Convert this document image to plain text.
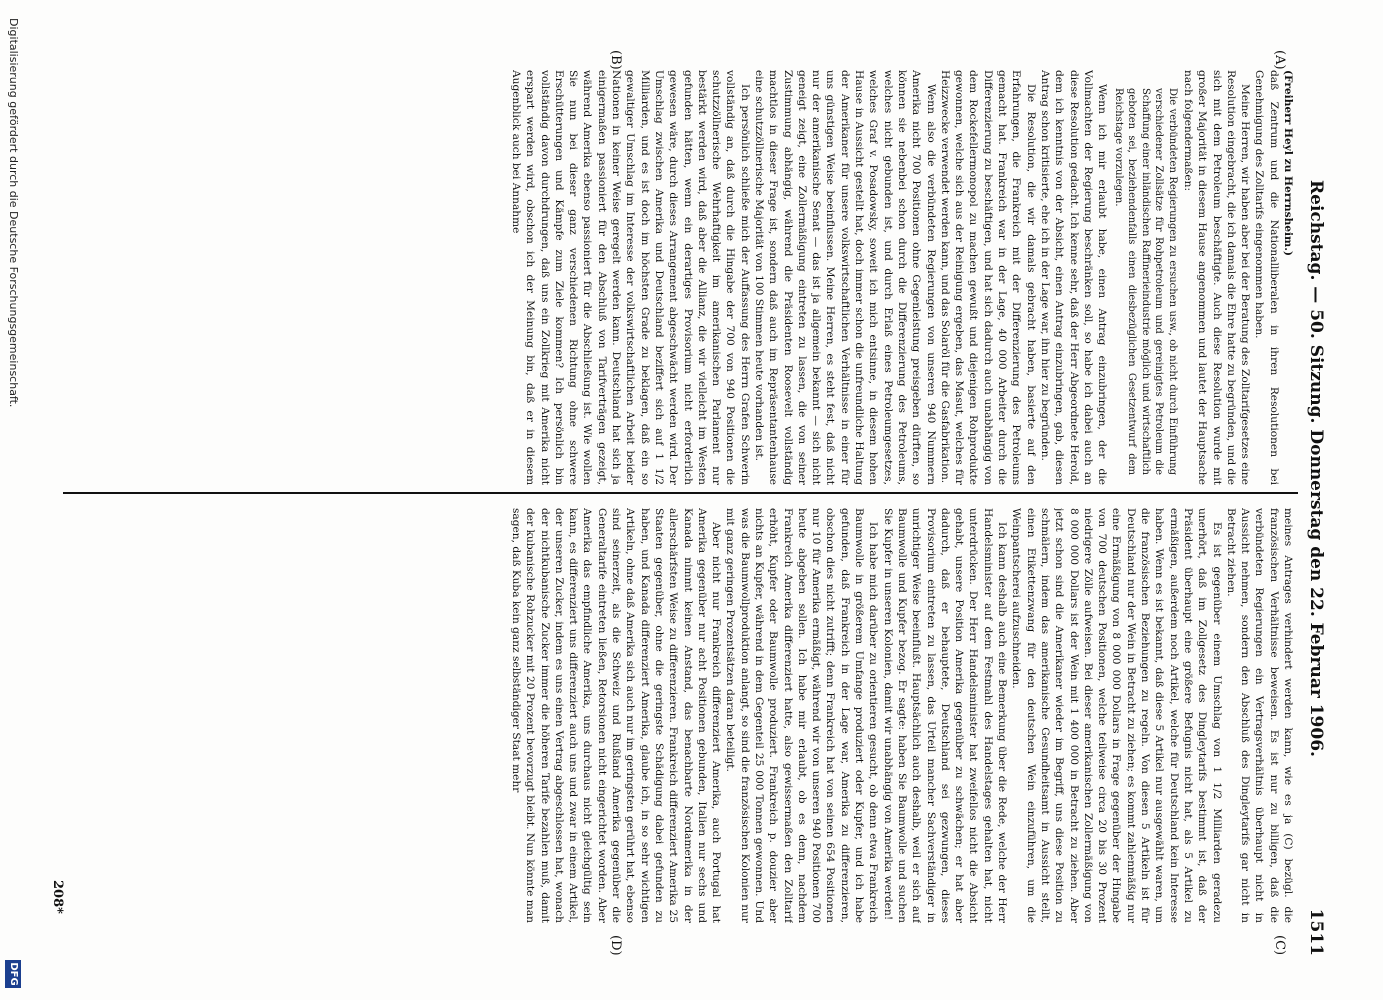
Reichstag. — 50. Sitzung. Donnerstag den 22. Februar 1906.
1511
(A)
(B)
(C)
(D)

(Freiherr Heyl zu Herrnsheim.)

daß Zentrum und die Nationalliberalen in ihren Resolutionen bei Genehmigung des Zolltarifs eingenommen haben.

Meine Herren, wir haben aber bei der Beratung des Zolltarifgesetzes eine Resolution eingebracht, die ich damals die Ehre hatte zu begründen, und die sich mit dem Petroleum beschäftigte. Auch diese Resolution wurde mit großer Majorität in diesem Hause angenommen und lautet der Hauptsache nach folgendermaßen:

Die verbündeten Regierungen zu ersuchen usw., ob nicht durch Einführung verschiedener Zollsätze für Rohpetroleum und gereinigtes Petroleum die Schaffung einer inländischen Raffinerieindustrie möglich und wirtschaftlich geboten sei, beziehendenfalls einen diesbezüglichen Gesetzentwurf dem Reichstage vorzulegen.

Wenn ich mir erlaubt habe, einen Antrag einzubringen, der die Vollmachten der Regierung beschränken soll, so habe ich dabei auch an diese Resolution gedacht. Ich kenne sehr, daß der Herr Abgeordnete Herold, dem ich kenntnis von der Absicht, einen Antrag einzubringen, gab, diesen Antrag schon kritisierte, ehe ich in der Lage war, ihn hier zu begründen.

Die Resolution, die wir damals gebracht haben, basierte auf den Erfahrungen, die Frankreich mit der Differenzierung des Petroleums gemacht hat. Frankreich war in der Lage, 40 000 Arbeiter durch die Differenzierung zu beschäftigen, und hat sich dadurch auch unabhängig von dem Rockefellermonopol zu machen gewußt und diejenigen Rohprodukte gewonnen, welche sich aus der Reinigung ergeben, das Masut, welches für Heizzwecke verwendet werden kann, und das Solaröl für die Gasfabrikation.

Wenn also die verbündeten Regierungen von unseren 940 Nummern Amerika nicht 700 Positionen ohne Gegenleistung preisgeben dürften, so können sie nebenbei schon durch die Differenzierung des Petroleums, welches nicht gebunden ist, und durch Erlaß eines Petroleumgesetzes, welches Graf v. Posadowsky, soweit ich mich entsinne, in diesem hohen Hause in Aussicht gestellt hat, doch immer schon die unfreundliche Haltung der Amerikaner für unsere volkswirtschaftlichen Verhältnisse in einer für uns günstigen Weise beeinflussen. Meine Herren, es steht fest, daß nicht nur der amerikanische Senat — das ist ja allgemein bekannt — sich nicht geneigt zeigt, eine Zollermäßigung eintreten zu lassen, die von seiner Zustimmung abhängig, während die Präsidenten Roosevelt vollständig machtlos in dieser Frage ist, sondern daß auch im Repräsentantenhause eine schutzzöllnerische Majorität von 100 Stimmen heute vorhanden ist.

Ich persönlich schließe mich der Auffassung des Herrn Grafen Schwerin vollständig an, daß durch die Hingabe der 700 von 940 Positionen die schutzzöllnerische Wehrhaftigkeit im amerikanischen Parlament nur bestärkt werden wird, daß aber die Allianz, die wir vielleicht im Westen gefunden hätten, wenn ein derartiges Provisorium nicht erforderlich gewesen wäre, durch dieses Arrangement abgeschwächt werden wird. Der Umschlag zwischen Amerika und Deutschland beziffert sich auf 1 1/2 Milliarden, und es ist doch im höchsten Grade zu beklagen, daß ein so gewaltiger Umschlag im Interesse der volkswirtschaftlichen Arbeit beider Nationen in keiner Weise geregelt werden kann. Deutschland hat sich ja einigermaßen passioniert für den Abschluß von Tarifverträgen gezeigt, während Amerika ebenso passioniert für die Abschließung ist. Wie wollen Sie nun bei dieser ganz verschiedenen Richtung ohne schwere Erschütterungen und Kämpfe zum Ziele kommen? Ich persönlich bin vollständig davon durchdrungen, daß uns ein Zollkrieg mit Amerika nicht erspart werden wird, obschon ich der Meinung bin, daß er in diesem Augenblick auch bei Annahme

meines Antrages verhindert werden kann, wie es ja (C) bezügl. die französischen Verhältnisse beweisen. Es ist nur zu billigen, daß die verbündeten Regierungen ein Vertragsverhältnis überhaupt nicht in Aussicht nehmen, sondern den Abschluß des Dingleytarifs gar nicht in Betracht ziehen.

Es ist gegenüber einem Umschlag von 1 1/2 Milliarden geradezu unerhört, daß im Zollgesetz des Dingleytarifs bestimmt ist, daß der Präsident überhaupt eine größere Befugnis nicht hat, als 5 Artikel zu ermäßigen, außerdem noch Artikel, welche für Deutschland kein Interesse haben. Wenn es ist bekannt, daß diese 5 Artikel nur ausgewählt waren, um die französischen Beziehungen zu regeln. Von diesen 5 Artikeln ist für Deutschland nur der Wein in Betracht zu ziehen; es kommt zahlenmäßig nur eine Ermäßigung von 8 000 000 Dollars in Frage gegenüber der Hingabe von 700 deutschen Positionen, welche teilweise circa 20 bis 30 Prozent niedrigere Zölle aufweisen. Bei dieser amerikanischen Zollermäßigung von 8 000 000 Dollars ist der Wein mit 1 400 000 in Betracht zu ziehen. Aber jetzt schon sind die Amerikaner wieder im Begriff, uns diese Position zu schmälern, indem das amerikanische Gesundheitsamt in Aussicht stellt, einen Etikettenzwang für den deutschen Wein einzuführen, um die Weinpantscherei aufzuschneiden.

Ich kann deshalb auch eine Bemerkung über die Rede, welche der Herr Handelsminister auf dem Festmahl des Handelstages gehalten hat, nicht unterdrücken. Der Herr Handelsminister hat zweifellos nicht die Absicht gehabt, unsere Position Amerika gegenüber zu schwächen; er hat aber dadurch, daß er behauptete, Deutschland sei gezwungen, dieses Provisorium eintreten zu lassen, das Urteil mancher Sachverständiger in unrichtiger Weise beeinflußt. Hauptsächlich auch deshalb, weil er sich auf Baumwolle und Kupfer bezog. Er sagte: haben Sie Baumwolle und suchen Sie Kupfer in unseren Kolonien, damit wir unabhängig von Amerika werden!

Ich habe mich darüber zu orientieren gesucht, ob denn etwa Frankreich Baumwolle in größerem Umfange produziert oder Kupfer, und ich habe gefunden, daß Frankreich in der Lage war, Amerika zu differenzieren, obschon dies nicht zutrifft; denn Frankreich hat von seinen 654 Positionen nur 10 für Amerika ermäßigt, während wir von unseren 940 Positionen 700 heute abgeben sollen. Ich habe mir erlaubt, ob es denn, nachdem Frankreich Amerika differenziert hatte, also gewissermaßen den Zolltarif erhöht, Kupfer oder Baumwolle produziert. Frankreich p. douzier aber nichts an Kupfer, während in dem Gegenteil 25 000 Tonnen gewonnen. Und was die Baumwollproduktion anlangt, so sind die französischen Kolonien nur mit ganz geringen Prozentsätzen daran beteiligt.

Aber nicht nur Frankreich differenziert Amerika, auch Portugal hat Amerika gegenüber nur acht Positionen gebunden, Italien nur sechs und Kanada nimmt keinen Anstand, das benachbarte Nordamerika in der allerschärfsten Weise zu differenzieren. Frankreich differenziert Amerika 25 Staaten gegenüber, ohne die geringste Schädigung dabei gefunden zu haben, und Kanada differenziert Amerika, glaube ich, in so sehr wichtigen Artikeln, ohne daß Amerika sich auch nur im geringsten gerührt hat, ebenso sind seinerzeit, als die Schweiz und Rußland Amerika gegenüber die Generaltarife eintreten ließen, Retorsionen nicht eingerichtet worden. Aber Amerika das empfindliche Amerika, uns durchaus nicht gleichgültig sein kann, es differenziert uns differenziert auch uns und zwar in einem Artikel, der unseren Zucker, indem es uns einen Vertrag abgeschlossen hat, wonach der nichtkubanische Zucker immer die höheren Tarife bezahlen muß, damit der kubanische Rohzucker mit 20 Prozent bevorzugt bleibt. Nun könnte man sagen, daß Kuba kein ganz selbständiger Staat mehr

208*
Digitalisierung gefördert durch die Deutsche Forschungsgemeinschaft.
DFG
